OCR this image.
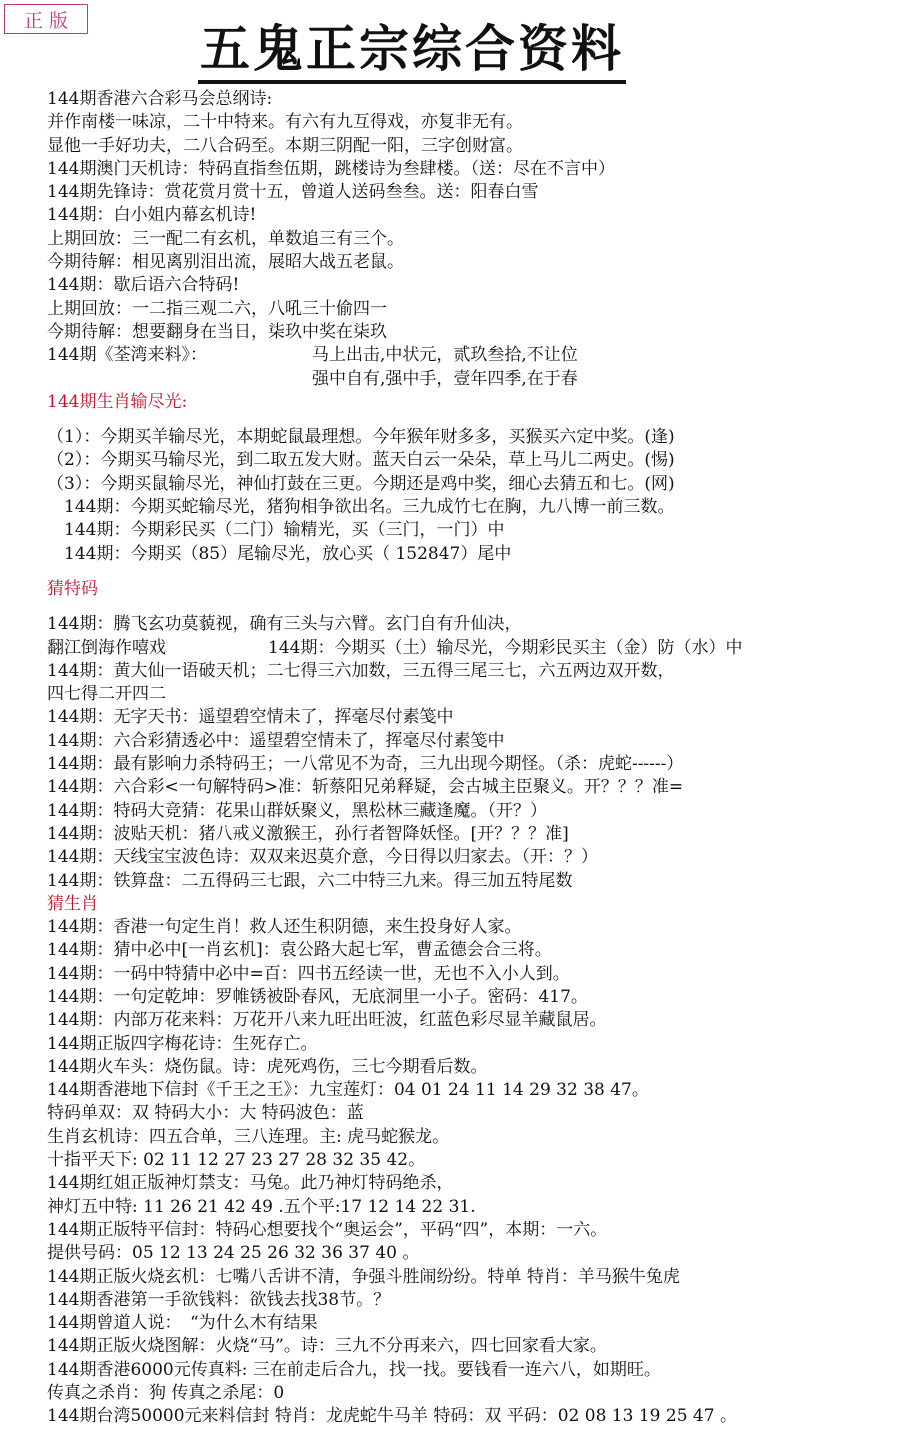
正 版	五鬼正宗综合资料
144期香港六合彩马会总纲诗:
并作南楼一味凉，二十中特来。有六有九互得戏，亦复非无有。
显他一手好功夫，二八合码至。本期三阴配一阳，三字创财富。
144期澳门天机诗：特码直指叁伍期，跳楼诗为叁肆楼。（送：尽在不言中）
144期先锋诗：赏花赏月赏十五，曾道人送码叁叁。送：阳春白雪
144期：白小姐内幕玄机诗!
上期回放：三一配二有玄机，单数追三有三个。
今期待解：相见离别泪出流，展昭大战五老鼠。
144期：歇后语六合特码!
上期回放：一二指三观二六，八吼三十偷四一
今期待解：想要翻身在当日，柒玖中奖在柒玖
144期《荃湾来料》：	马上出击,中状元，贰玖叁拾,不让位
强中自有,强中手，壹年四季,在于春
144期生肖输尽光:
（1）：今期买羊输尽光，本期蛇鼠最理想。今年猴年财多多，买猴买六定中奖。(逢)
（2）：今期买马输尽光，到二取五发大财。蓝天白云一朵朵，草上马儿二两史。(惕)
（3）：今期买鼠输尽光，神仙打鼓在三更。今期还是鸡中奖，细心去猜五和七。(网)
　144期：今期买蛇输尽光，猪狗相争欲出名。三九成竹七在胸，九八博一前三数。
　144期：今期彩民买（二门）输精光，买（三门，一门）中
　144期：今期买（85）尾输尽光，放心买（ 152847）尾中
猜特码
144期：腾飞玄功莫藐视，确有三头与六臂。玄门自有升仙决，
翻江倒海作嘻戏　　　　　　144期：今期买（土）输尽光，今期彩民买主（金）防（水）中
144期：黄大仙一语破天机；二七得三六加数，三五得三尾三七，六五两边双开数，
四七得二开四二
144期：无字天书：遥望碧空情未了，挥毫尽付素笺中
144期：六合彩猜透必中：遥望碧空情未了，挥毫尽付素笺中
144期：最有影响力杀特码王；一八常见不为奇，三九出现今期怪。（杀：虎蛇------）
144期：六合彩<一句解特码>准：斩蔡阳兄弟释疑，会古城主臣聚义。开？？？准=
144期：特码大竞猜：花果山群妖聚义，黑松林三藏逢魔。（开？）
144期：波贴天机：猪八戒义激猴王，孙行者智降妖怪。[开？？？准]
144期：天线宝宝波色诗：双双来迟莫介意，今日得以归家去。（开：？）
144期：铁算盘：二五得码三七跟，六二中特三九来。得三加五特尾数
猜生肖
144期：香港一句定生肖！救人还生积阴德，来生投身好人家。
144期：猜中必中[一肖玄机]：袁公路大起七军，曹孟德会合三将。
144期：一码中特猜中必中=百：四书五经读一世，无也不入小人到。
144期：一句定乾坤：罗帷锈被卧春风，无底洞里一小子。密码：417。
144期：内部万花来料：万花开八来九旺出旺波，红蓝色彩尽显羊藏鼠居。
144期正版四字梅花诗：生死存亡。
144期火车头：烧伤鼠。诗：虎死鸡伤，三七今期看后数。
144期香港地下信封《千王之王》：九宝莲灯：04 01 24 11 14 29 32 38 47。
特码单双：双 特码大小：大 特码波色：蓝
生肖玄机诗：四五合单，三八连理。主: 虎马蛇猴龙。
十指平天下: 02 11 12 27 23 27 28 32 35 42。
144期红姐正版神灯禁支：马兔。此乃神灯特码绝杀，
神灯五中特: 11 26 21 42 49 .五个平:17 12 14 22 31.
144期正版特平信封：特码心想要找个“奥运会”，平码“四”，本期：一六。
提供号码：05 12 13 24 25 26 32 36 37 40 。
144期正版火烧玄机：七嘴八舌讲不清，争强斗胜闹纷纷。特单 特肖：羊马猴牛兔虎
144期香港第一手欲钱料：欲钱去找38节。？
144期曾道人说：　“为什么木有结果
144期正版火烧图解：火烧“马”。诗：三九不分再来六，四七回家看大家。
144期香港6000元传真料: 三在前走后合九，找一找。要钱看一连六八，如期旺。
传真之杀肖：狗 传真之杀尾：0
144期台湾50000元来料信封 特肖：龙虎蛇牛马羊 特码：双 平码：02 08 13 19 25 47 。
